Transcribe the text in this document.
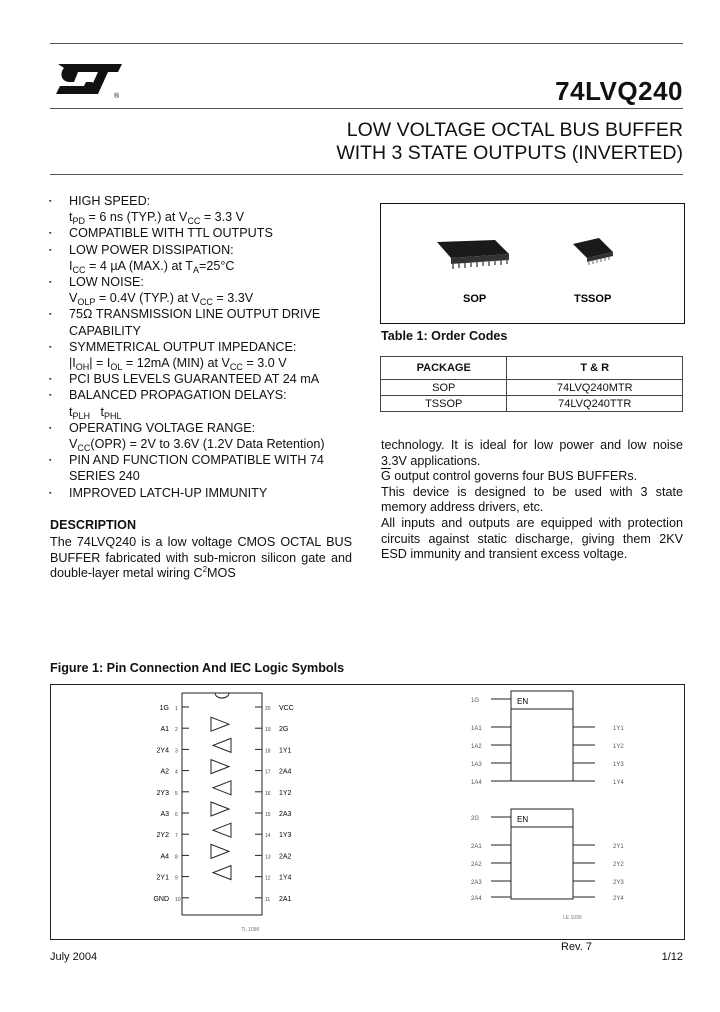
®	74LVQ240
LOW VOLTAGE OCTAL BUS BUFFER
WITH 3 STATE OUTPUTS (INVERTED)
▪ HIGH SPEED:
$t_{PD} = 6$ ns (TYP.) at $V_{CC} = 3.3$ V
▪ COMPATIBLE WITH TTL OUTPUTS
▪ LOW POWER DISSIPATION:
$I_{CC} = 4$ µA (MAX.) at $T_A=25^\circ C$
▪ LOW NOISE:
$V_{OLP} = 0.4V$ (TYP.) at $V_{CC} = 3.3V$
▪ 75Ω TRANSMISSION LINE OUTPUT DRIVE CAPABILITY
▪ SYMMETRICAL OUTPUT IMPEDANCE:
$|I_{OH}| = I_{OL} = 12mA$ (MIN) at $V_{CC} = 3.0$ V
▪ PCI BUS LEVELS GUARANTEED AT 24 mA
▪ BALANCED PROPAGATION DELAYS:
$t_{PLH}$ $t_{PHL}$
▪ OPERATING VOLTAGE RANGE:
$V_{CC}(OPR) = 2V$ to 3.6V (1.2V Data Retention)
▪ PIN AND FUNCTION COMPATIBLE WITH 74 SERIES 240
▪ IMPROVED LATCH-UP IMMUNITY
DESCRIPTION
The 74LVQ240 is a low voltage CMOS OCTAL BUS BUFFER fabricated with sub-micron silicon gate and double-layer metal wiring $C^2MOS$
technology. It is ideal for low power and low noise 3.3V applications.
$\overline{G}$ output control governs four BUS BUFFERs.
This device is designed to be used with 3 state memory address drivers, etc.
All inputs and outputs are equipped with protection circuits against static discharge, giving them 2KV ESD immunity and transient excess voltage.
SOP	TSSOP
Table 1: Order Codes
PACKAGE	T & R
SOP	74LVQ240MTR
TSSOP	74LVQ240TTR
Figure 1: Pin Connection And IEC Logic Symbols
1G 1
A1 2
2Y4 3
A2 4
2Y3 5
A3 6
2Y2 7
A4 8
2Y1 9
GND 10
20 VCC
19 2G
18 1Y1
17 2A4
16 1Y2
15 2A3
14 1Y3
13 2A2
12 1Y4
11 2A1
EN
EN
1G
1A1
1A2
1A3
1A4
2G
2A1
2A2
2A3
2A4
1Y1
1Y2
1Y3
1Y4
2Y1
2Y2
2Y3
2Y4
TL 1098
LE 1099
July 2004
Rev. 7
1/12
